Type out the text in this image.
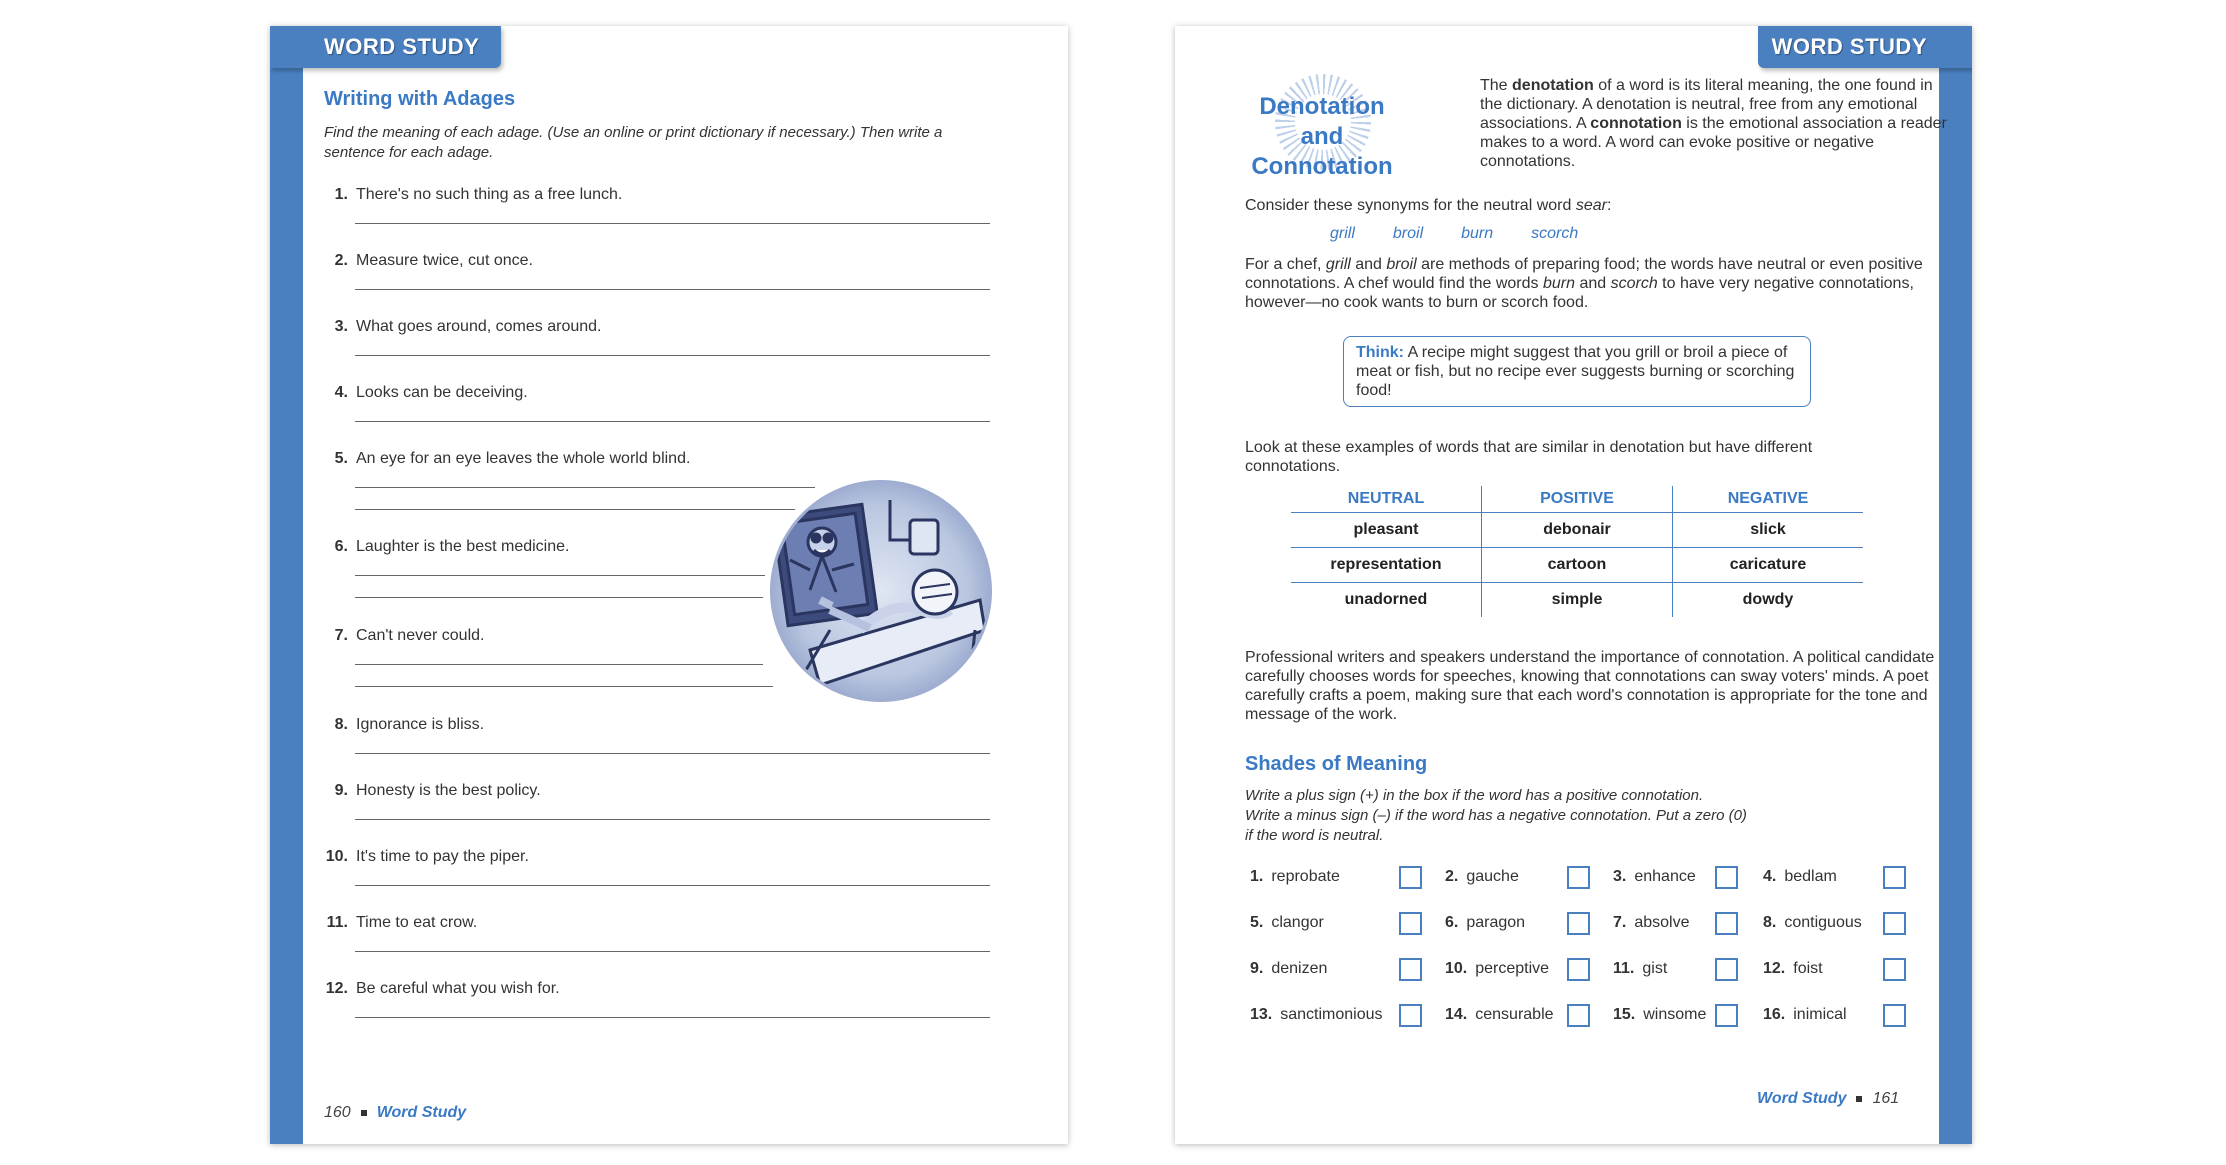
WORD STUDY
Writing with Adages
Find the meaning of each adage. (Use an online or print dictionary if necessary.) Then write a sentence for each adage.
1. There's no such thing as a free lunch.
2. Measure twice, cut once.
3. What goes around, comes around.
4. Looks can be deceiving.
5. An eye for an eye leaves the whole world blind.
6. Laughter is the best medicine.
7. Can't never could.
8. Ignorance is bliss.
9. Honesty is the best policy.
10. It's time to pay the piper.
11. Time to eat crow.
12. Be careful what you wish for.
160 Word Study
WORD STUDY
Denotation
and Connotation
The denotation of a word is its literal meaning, the one found in the dictionary. A denotation is neutral, free from any emotional associations. A connotation is the emotional association a reader makes to a word. A word can evoke positive or negative connotations.
Consider these synonyms for the neutral word sear:
grill broil burn scorch
For a chef, grill and broil are methods of preparing food; the words have neutral or even positive connotations. A chef would find the words burn and scorch to have very negative connotations, however—no cook wants to burn or scorch food.
Think: A recipe might suggest that you grill or broil a piece of meat or fish, but no recipe ever suggests burning or scorching food!
Look at these examples of words that are similar in denotation but have different connotations.
NEUTRAL	POSITIVE	NEGATIVE
pleasant	debonair	slick
representation	cartoon	caricature
unadorned	simple	dowdy
Professional writers and speakers understand the importance of connotation. A political candidate carefully chooses words for speeches, knowing that connotations can sway voters' minds. A poet carefully crafts a poem, making sure that each word's connotation is appropriate for the tone and message of the work.
Shades of Meaning
Write a plus sign (+) in the box if the word has a positive connotation.
Write a minus sign (–) if the word has a negative connotation. Put a zero (0)
if the word is neutral.
1. reprobate	2. gauche	3. enhance	4. bedlam
5. clangor	6. paragon	7. absolve	8. contiguous
9. denizen	10. perceptive	11. gist	12. foist
13. sanctimonious	14. censurable	15. winsome	16. inimical
Word Study 161
